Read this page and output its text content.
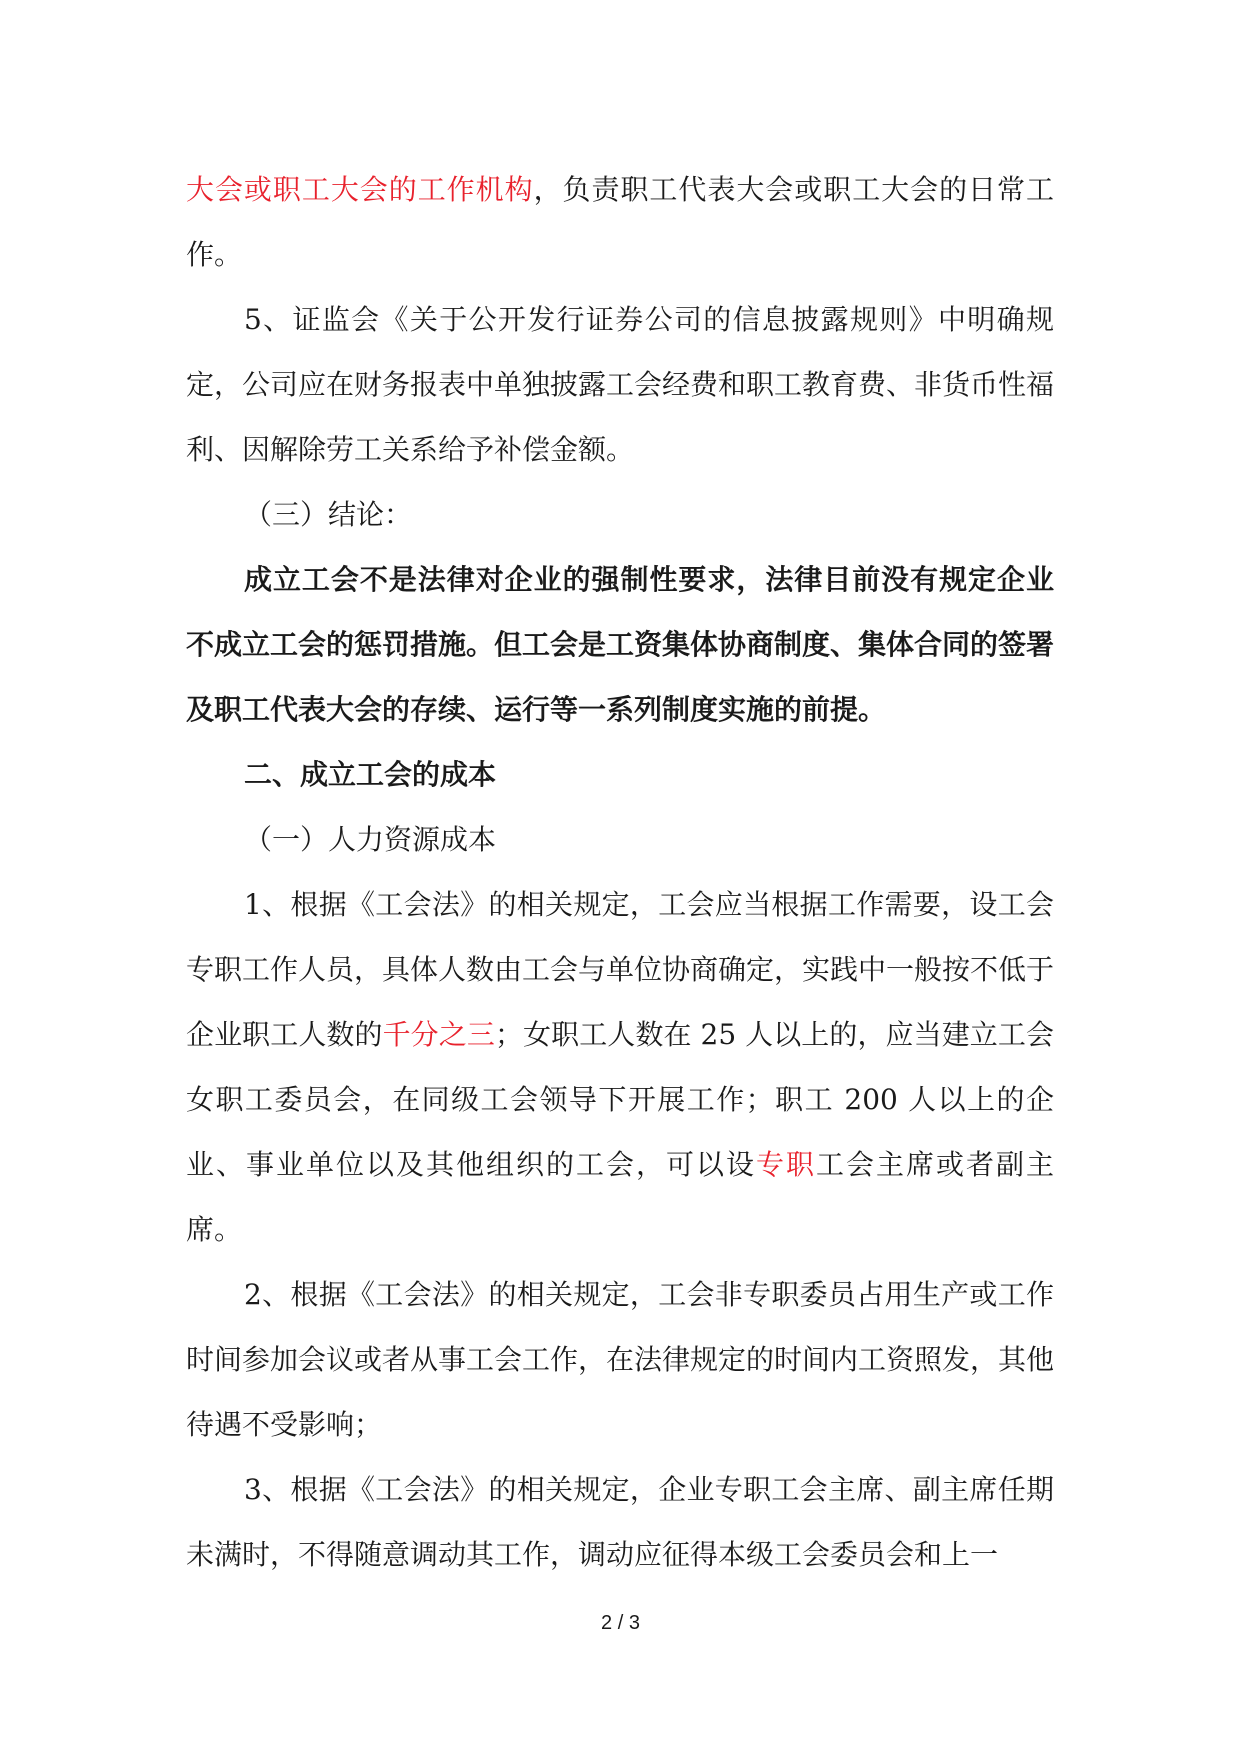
大会或职工大会的工作机构，负责职工代表大会或职工大会的日常工作。

5、证监会《关于公开发行证券公司的信息披露规则》中明确规定，公司应在财务报表中单独披露工会经费和职工教育费、非货币性福利、因解除劳工关系给予补偿金额。

（三）结论：

成立工会不是法律对企业的强制性要求，法律目前没有规定企业不成立工会的惩罚措施。但工会是工资集体协商制度、集体合同的签署及职工代表大会的存续、运行等一系列制度实施的前提。

二、成立工会的成本

（一）人力资源成本

1、根据《工会法》的相关规定，工会应当根据工作需要，设工会专职工作人员，具体人数由工会与单位协商确定，实践中一般按不低于企业职工人数的千分之三；女职工人数在 25 人以上的，应当建立工会女职工委员会，在同级工会领导下开展工作；职工 200 人以上的企业、事业单位以及其他组织的工会，可以设专职工会主席或者副主席。

2、根据《工会法》的相关规定，工会非专职委员占用生产或工作时间参加会议或者从事工会工作，在法律规定的时间内工资照发，其他待遇不受影响；

3、根据《工会法》的相关规定，企业专职工会主席、副主席任期未满时，不得随意调动其工作，调动应征得本级工会委员会和上一

2 / 3
